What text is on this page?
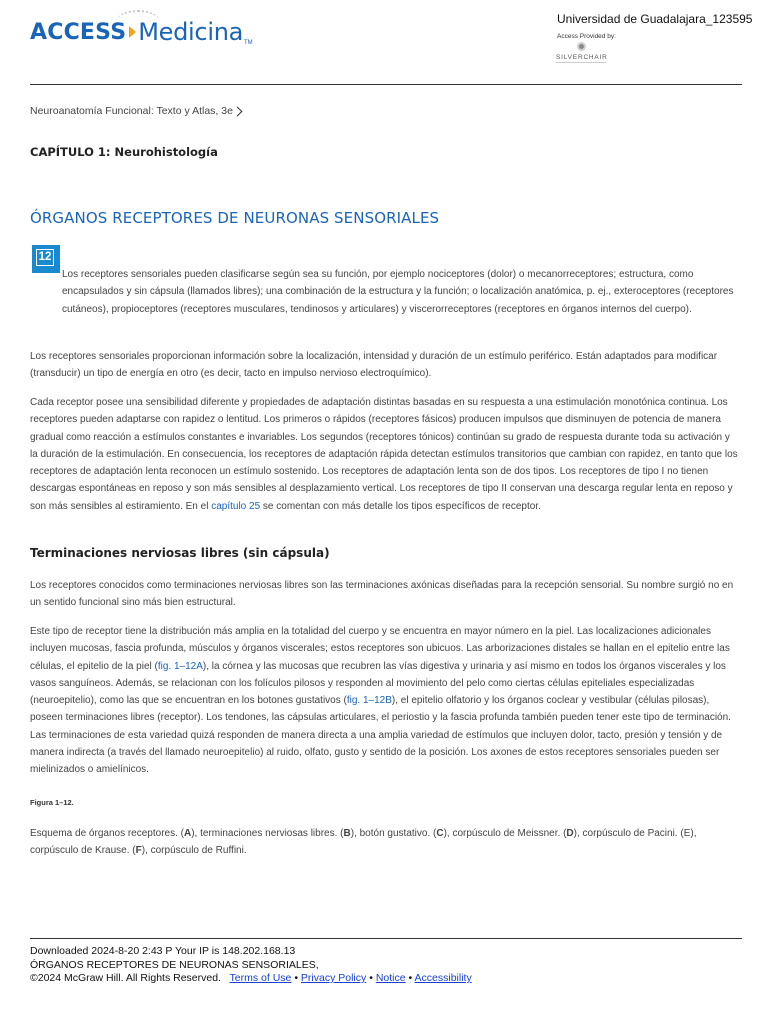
ACCESS Medicina TM
Universidad de Guadalajara_123595
Access Provided by:
SILVERCHAIR
Neuroanatomía Funcional: Texto y Atlas, 3e
CAPÍTULO 1: Neurohistología
ÓRGANOS RECEPTORES DE NEURONAS SENSORIALES
12
Los receptores sensoriales pueden clasificarse según sea su función, por ejemplo nociceptores (dolor) o mecanorreceptores; estructura, como encapsulados y sin cápsula (llamados libres); una combinación de la estructura y la función; o localización anatómica, p. ej., exteroceptores (receptores cutáneos), propioceptores (receptores musculares, tendinosos y articulares) y viscerorreceptores (receptores en órganos internos del cuerpo).
Los receptores sensoriales proporcionan información sobre la localización, intensidad y duración de un estímulo periférico. Están adaptados para modificar (transducir) un tipo de energía en otro (es decir, tacto en impulso nervioso electroquímico).
Cada receptor posee una sensibilidad diferente y propiedades de adaptación distintas basadas en su respuesta a una estimulación monotónica continua. Los receptores pueden adaptarse con rapidez o lentitud. Los primeros o rápidos (receptores fásicos) producen impulsos que disminuyen de potencia de manera gradual como reacción a estímulos constantes e invariables. Los segundos (receptores tónicos) continúan su grado de respuesta durante toda su activación y la duración de la estimulación. En consecuencia, los receptores de adaptación rápida detectan estímulos transitorios que cambian con rapidez, en tanto que los receptores de adaptación lenta reconocen un estímulo sostenido. Los receptores de adaptación lenta son de dos tipos. Los receptores de tipo I no tienen descargas espontáneas en reposo y son más sensibles al desplazamiento vertical. Los receptores de tipo II conservan una descarga regular lenta en reposo y son más sensibles al estiramiento. En el capítulo 25 se comentan con más detalle los tipos específicos de receptor.
Terminaciones nerviosas libres (sin cápsula)
Los receptores conocidos como terminaciones nerviosas libres son las terminaciones axónicas diseñadas para la recepción sensorial. Su nombre surgió no en un sentido funcional sino más bien estructural.
Este tipo de receptor tiene la distribución más amplia en la totalidad del cuerpo y se encuentra en mayor número en la piel. Las localizaciones adicionales incluyen mucosas, fascia profunda, músculos y órganos viscerales; estos receptores son ubicuos. Las arborizaciones distales se hallan en el epitelio entre las células, el epitelio de la piel (fig. 1–12A), la córnea y las mucosas que recubren las vías digestiva y urinaria y así mismo en todos los órganos viscerales y los vasos sanguíneos. Además, se relacionan con los folículos pilosos y responden al movimiento del pelo como ciertas células epiteliales especializadas (neuroepitelio), como las que se encuentran en los botones gustativos (fig. 1–12B), el epitelio olfatorio y los órganos coclear y vestibular (células pilosas), poseen terminaciones libres (receptor). Los tendones, las cápsulas articulares, el periostio y la fascia profunda también pueden tener este tipo de terminación. Las terminaciones de esta variedad quizá responden de manera directa a una amplia variedad de estímulos que incluyen dolor, tacto, presión y tensión y de manera indirecta (a través del llamado neuroepitelio) al ruido, olfato, gusto y sentido de la posición. Los axones de estos receptores sensoriales pueden ser mielinizados o amielínicos.
Figura 1–12.
Esquema de órganos receptores. (A), terminaciones nerviosas libres. (B), botón gustativo. (C), corpúsculo de Meissner. (D), corpúsculo de Pacini. (E), corpúsculo de Krause. (F), corpúsculo de Ruffini.
Downloaded 2024-8-20 2:43 P Your IP is 148.202.168.13
ÓRGANOS RECEPTORES DE NEURONAS SENSORIALES,
©2024 McGraw Hill. All Rights Reserved. Terms of Use • Privacy Policy • Notice • Accessibility
